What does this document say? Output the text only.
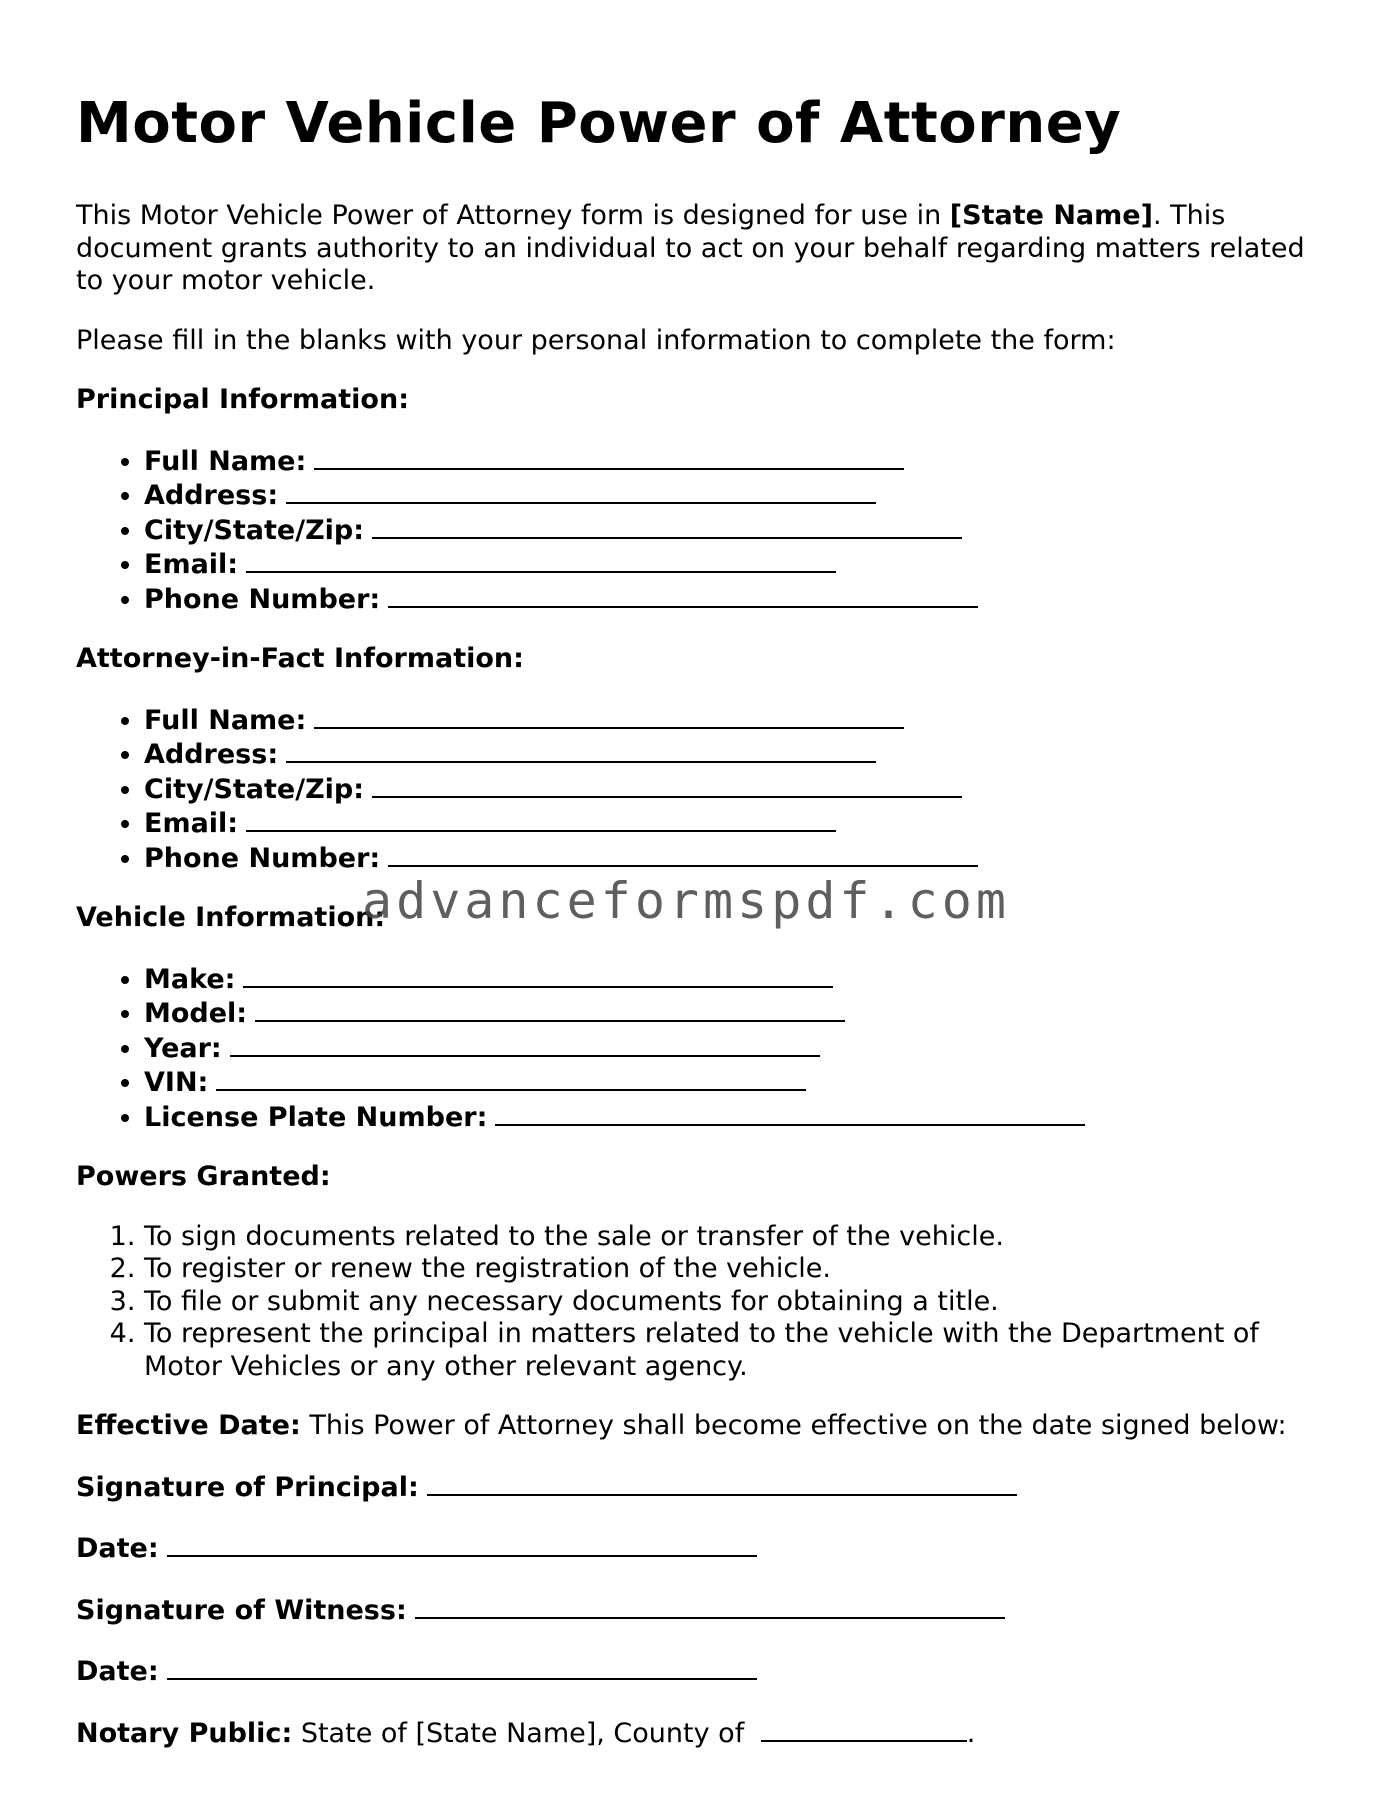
Motor Vehicle Power of Attorney

This Motor Vehicle Power of Attorney form is designed for use in [State Name]. This document grants authority to an individual to act on your behalf regarding matters related to your motor vehicle.

Please fill in the blanks with your personal information to complete the form:

Principal Information:

• Full Name:
• Address:
• City/State/Zip:
• Email:
• Phone Number:

Attorney-in-Fact Information:

• Full Name:
• Address:
• City/State/Zip:
• Email:
• Phone Number:

Vehicle Information:

• Make:
• Model:
• Year:
• VIN:
• License Plate Number:

Powers Granted:

1. To sign documents related to the sale or transfer of the vehicle.
2. To register or renew the registration of the vehicle.
3. To file or submit any necessary documents for obtaining a title.
4. To represent the principal in matters related to the vehicle with the Department of Motor Vehicles or any other relevant agency.

Effective Date: This Power of Attorney shall become effective on the date signed below:

Signature of Principal:

Date:

Signature of Witness:

Date:

Notary Public: State of [State Name], County of	.

advanceformspdf.com
